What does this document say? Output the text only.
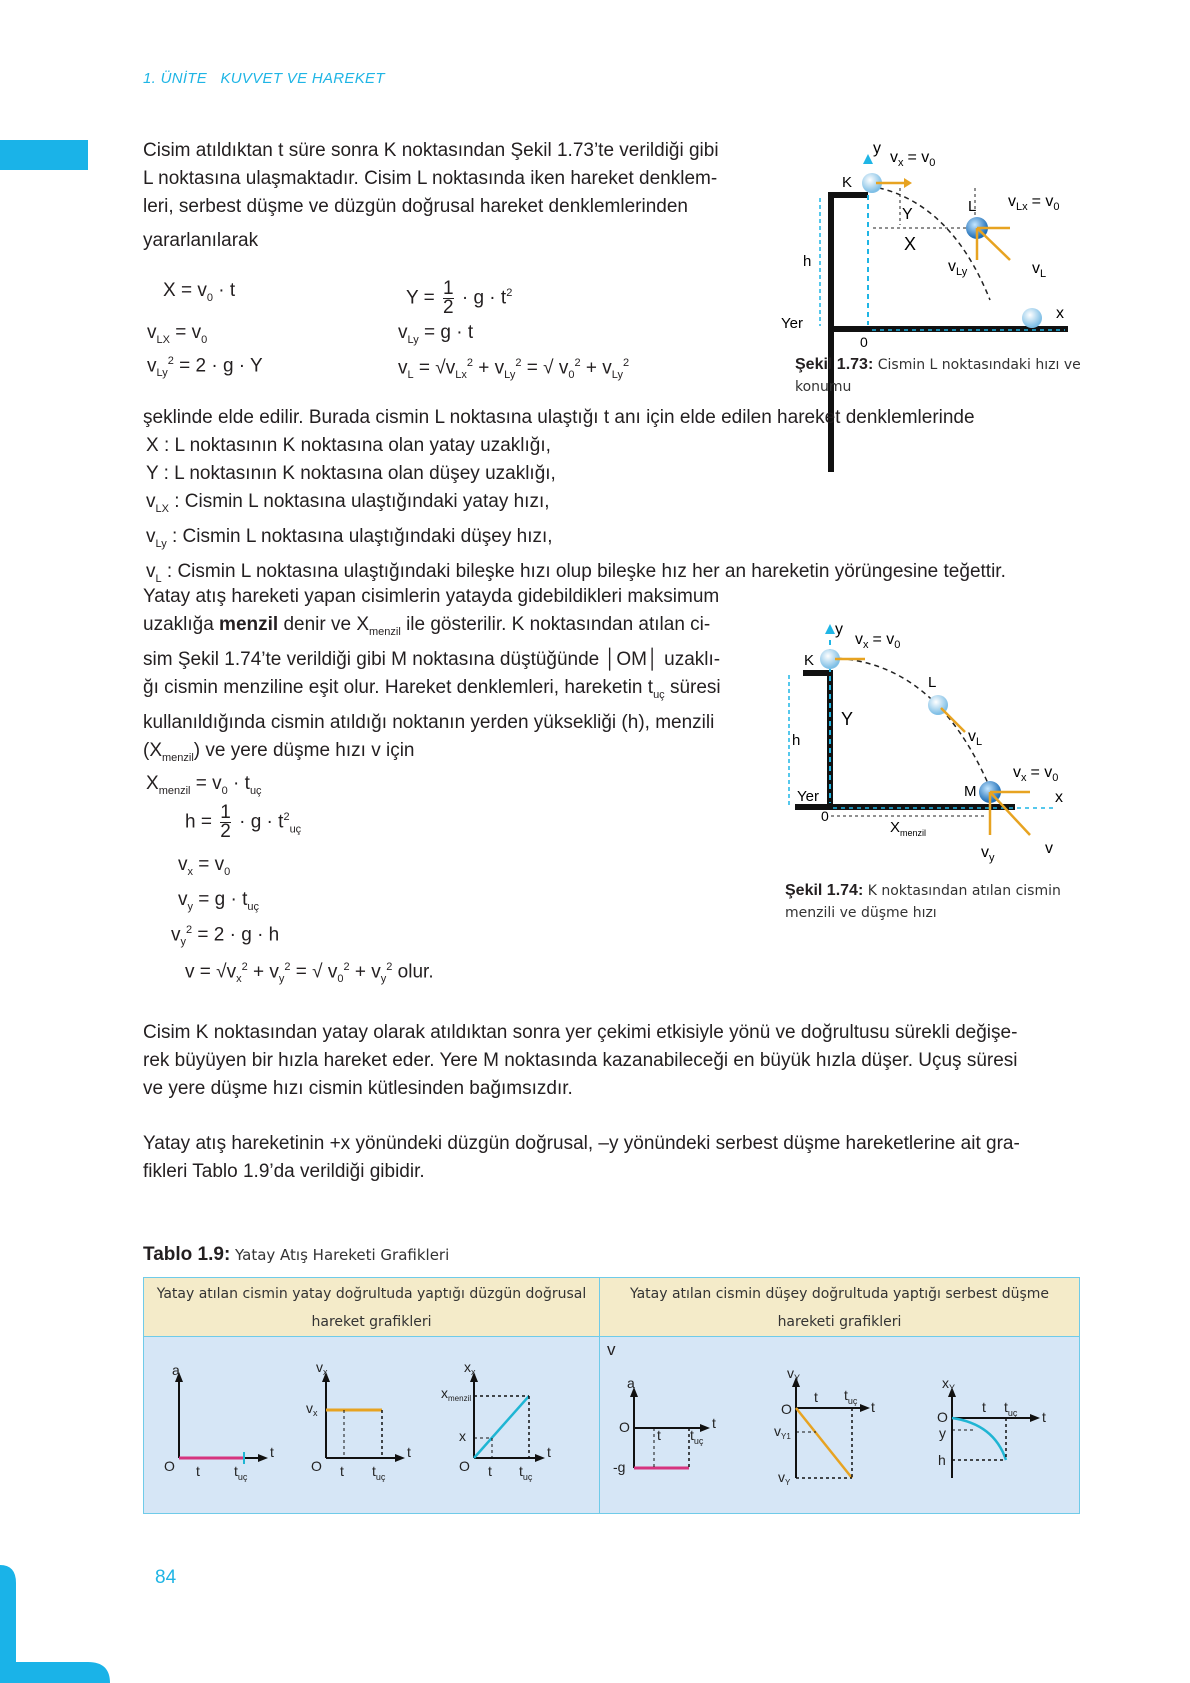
1. ÜNİTE KUVVET VE HAREKET
Cisim atıldıktan t süre sonra K noktasından Şekil 1.73’te verildiği gibi
L noktasına ulaşmaktadır. Cisim L noktasında iken hareket denklem-
leri, serbest düşme ve düzgün doğrusal hareket denklemlerinden
yararlanılarak
$X = v_0 \cdot t$
$v_{LX} = v_0$
$v_{Ly}^2 = 2 \cdot g \cdot Y$
$Y = \frac{1}{2} \cdot g \cdot t^2$
$v_{Ly} = g \cdot t$
$v_L = √v_{Lx}^2 + v_{Ly}^2$ = √ $v_0^2 + v_{Ly}^2$
y
x
K
L
h
Yer
0
X
Y
$v_x = v_0$
$v_{Lx} = v_0$
$v_{Ly}$	$v_L$
Şekil 1.73: Cismin L noktasındaki hızı ve konumu
şeklinde elde edilir. Burada cismin L noktasına ulaştığı t anı için elde edilen hareket denklemlerinde
X : L noktasının K noktasına olan yatay uzaklığı,
Y : L noktasının K noktasına olan düşey uzaklığı,
$v_{LX}$ : Cismin L noktasına ulaştığındaki yatay hızı,
$v_{Ly}$ : Cismin L noktasına ulaştığındaki düşey hızı,
$v_L$ : Cismin L noktasına ulaştığındaki bileşke hızı olup bileşke hız her an hareketin yörüngesine teğettir.
Yatay atış hareketi yapan cisimlerin yatayda gidebildikleri maksimum
uzaklığa menzil denir ve $X_{menzil}$ ile gösterilir. K noktasından atılan ci-
sim Şekil 1.74’te verildiği gibi M noktasına düştüğünde │OM│ uzaklı-
ğı cismin menziline eşit olur. Hareket denklemleri, hareketin $t_{uç}$ süresi
kullanıldığında cismin atıldığı noktanın yerden yüksekliği (h), menzili
$(X_{menzil})$ ve yere düşme hızı v için
$X_{menzil} = v_0 \cdot t_{uç}$
$h = \frac{1}{2} \cdot g \cdot t^2_{uç}$
$v_x = v_0$
$v_y = g \cdot t_{uç}$
$v_y^2 = 2 \cdot g \cdot h$
$v = √v_x^2 + v_y^2$ = √ $v_0^2 + v_y^2$ olur.
y
x
K
L
M
h
Yer
0
Y
$X_{menzil}$
$v_x = v_0$
$v_L$
$v_x = v_0$
$v_y$
v
Şekil 1.74: K noktasından atılan cismin menzili ve düşme hızı
Cisim K noktasından yatay olarak atıldıktan sonra yer çekimi etkisiyle yönü ve doğrultusu sürekli değişe-
rek büyüyen bir hızla hareket eder. Yere M noktasında kazanabileceği en büyük hızla düşer. Uçuş süresi
ve yere düşme hızı cismin kütlesinden bağımsızdır.
Yatay atış hareketinin +x yönündeki düzgün doğrusal, –y yönündeki serbest düşme hareketlerine ait gra-
fikleri Tablo 1.9’da verildiği gibidir.
Tablo 1.9: Yatay Atış Hareketi Grafikleri
Yatay atılan cismin yatay doğrultuda yaptığı düzgün doğrusal
hareket grafikleri
Yatay atılan cismin düşey doğrultuda yaptığı serbest düşme
hareketi grafikleri
v
a
O t
t
$t_{uç}$
$v_x$
$v_x$
O t
t
$t_{uç}$
$x_x$
$x_{menzil}$
x
O t
t
$t_{uç}$
a
O
-g
t
t
$t_{uç}$
$v_Y$
O
$v_{Y1}$
$v_Y$
t
t
$t_{uç}$
$x_Y$
O
y
h
t
t
$t_{uç}$
84
